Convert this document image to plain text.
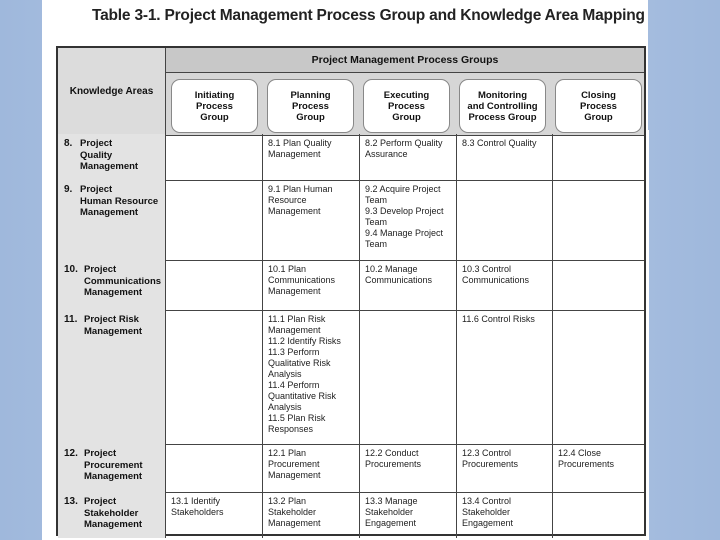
Table 3-1. Project Management Process Group and Knowledge Area Mapping
Knowledge Areas
Project Management Process Groups
Initiating
Process
Group
Planning
Process
Group
Executing
Process
Group
Monitoring
and Controlling
Process Group
Closing
Process
Group
8. Project
Quality
Management
8.1 Plan Quality
Management
8.2 Perform Quality
Assurance
8.3 Control Quality
9. Project
Human Resource
Management
9.1 Plan Human
Resource
Management
9.2 Acquire Project
Team
9.3 Develop Project
Team
9.4 Manage Project
Team
10. Project
Communications
Management
10.1 Plan
Communications
Management
10.2 Manage
Communications
10.3 Control
Communications
11. Project Risk
Management
11.1 Plan Risk
Management
11.2 Identify Risks
11.3 Perform
Qualitative Risk
Analysis
11.4 Perform
Quantitative Risk
Analysis
11.5 Plan Risk
Responses
11.6 Control Risks
12. Project
Procurement
Management
12.1 Plan
Procurement
Management
12.2 Conduct
Procurements
12.3 Control
Procurements
12.4 Close
Procurements
13. Project
Stakeholder
Management
13.1 Identify
Stakeholders
13.2 Plan
Stakeholder
Management
13.3 Manage
Stakeholder
Engagement
13.4 Control
Stakeholder
Engagement
